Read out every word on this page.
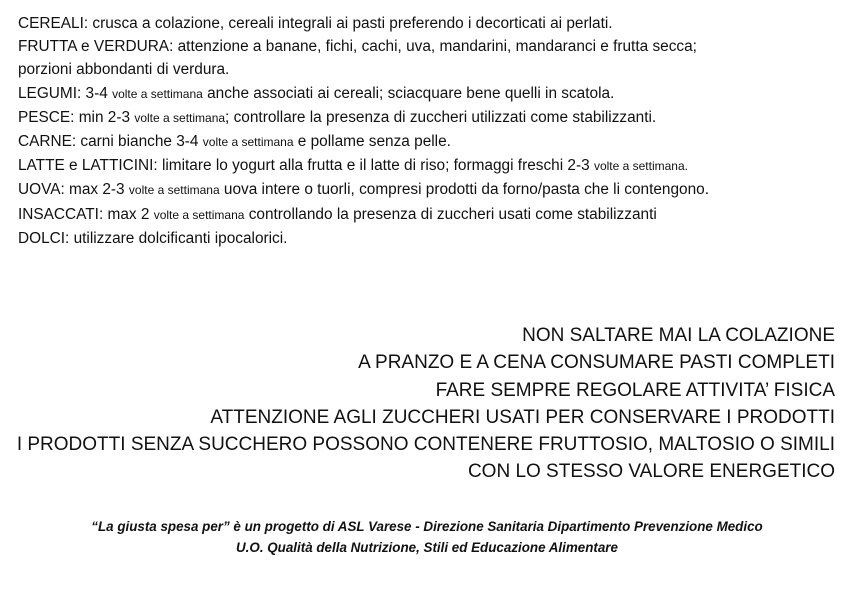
CEREALI: crusca a colazione, cereali integrali ai pasti preferendo i decorticati ai perlati.
FRUTTA e VERDURA: attenzione a banane, fichi, cachi, uva, mandarini, mandaranci e frutta secca;
porzioni abbondanti di verdura.
LEGUMI: 3-4 volte a settimana anche associati ai cereali; sciacquare bene quelli in scatola.
PESCE: min 2-3 volte a settimana; controllare la presenza di zuccheri utilizzati come stabilizzanti.
CARNE: carni bianche 3-4 volte a settimana e pollame senza pelle.
LATTE e LATTICINI: limitare lo yogurt alla frutta e il latte di riso; formaggi freschi 2-3 volte a settimana.
UOVA: max 2-3 volte a settimana uova intere o tuorli, compresi prodotti da forno/pasta che li contengono.
INSACCATI: max 2 volte a settimana controllando la presenza di zuccheri usati come stabilizzanti
DOLCI: utilizzare dolcificanti ipocalorici.
NON SALTARE MAI LA COLAZIONE
A PRANZO E A CENA CONSUMARE PASTI COMPLETI
FARE SEMPRE REGOLARE ATTIVITA’ FISICA
ATTENZIONE AGLI ZUCCHERI USATI PER CONSERVARE I PRODOTTI
I PRODOTTI SENZA SUCCHERO POSSONO CONTENERE FRUTTOSIO, MALTOSIO O SIMILI
CON LO STESSO VALORE ENERGETICO
“La giusta spesa per” è un progetto di ASL Varese - Direzione Sanitaria Dipartimento Prevenzione Medico
U.O. Qualità della Nutrizione, Stili ed Educazione Alimentare
